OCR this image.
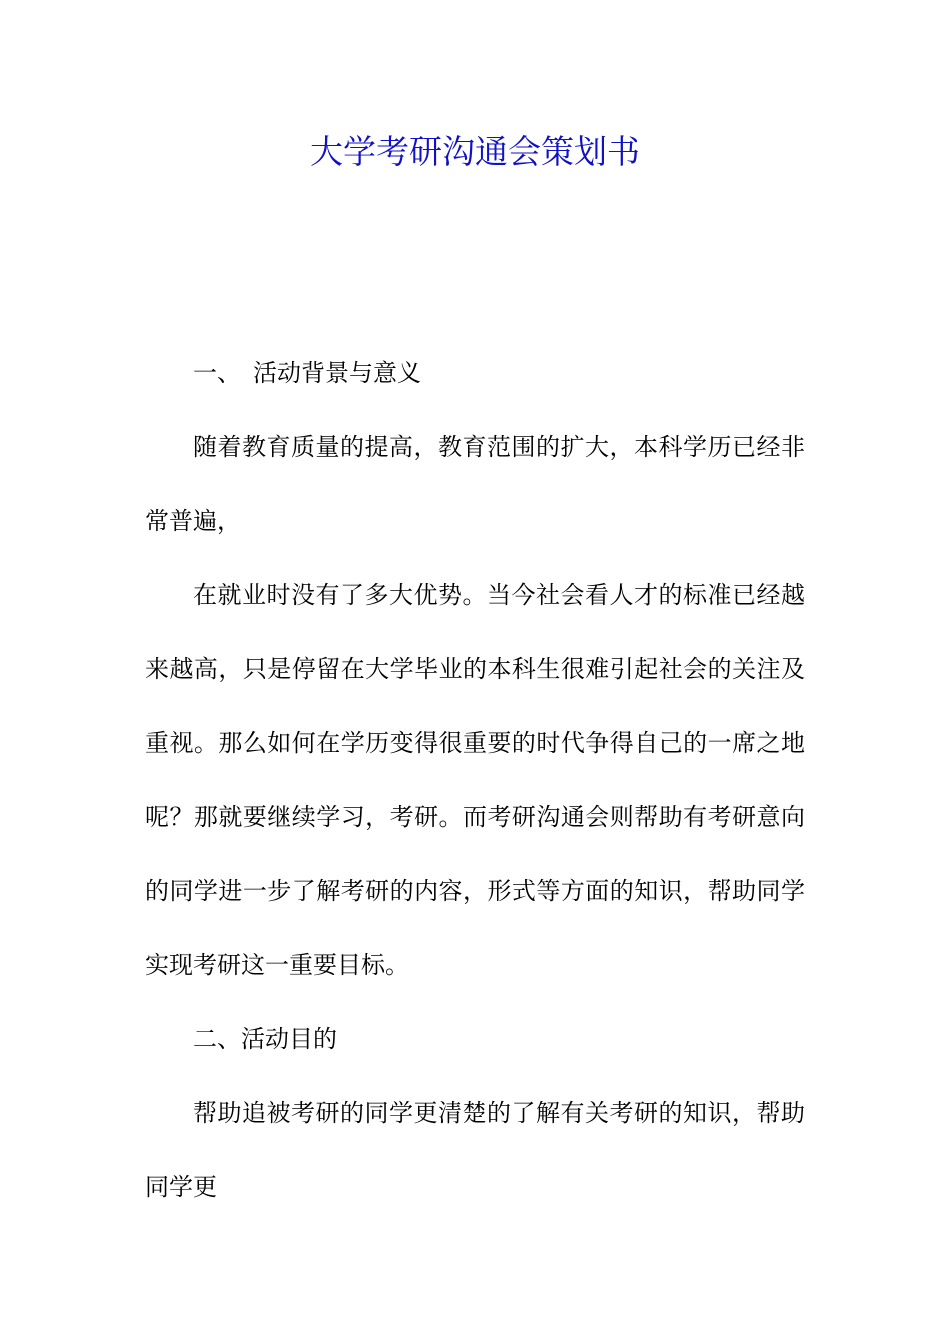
大学考研沟通会策划书
一、 活动背景与意义
随着教育质量的提高，教育范围的扩大，本科学历已经非
常普遍，
在就业时没有了多大优势。当今社会看人才的标准已经越
来越高，只是停留在大学毕业的本科生很难引起社会的关注及
重视。那么如何在学历变得很重要的时代争得自己的一席之地
呢？那就要继续学习，考研。而考研沟通会则帮助有考研意向
的同学进一步了解考研的内容，形式等方面的知识，帮助同学
实现考研这一重要目标。
二、活动目的
帮助追被考研的同学更清楚的了解有关考研的知识，帮助
同学更
